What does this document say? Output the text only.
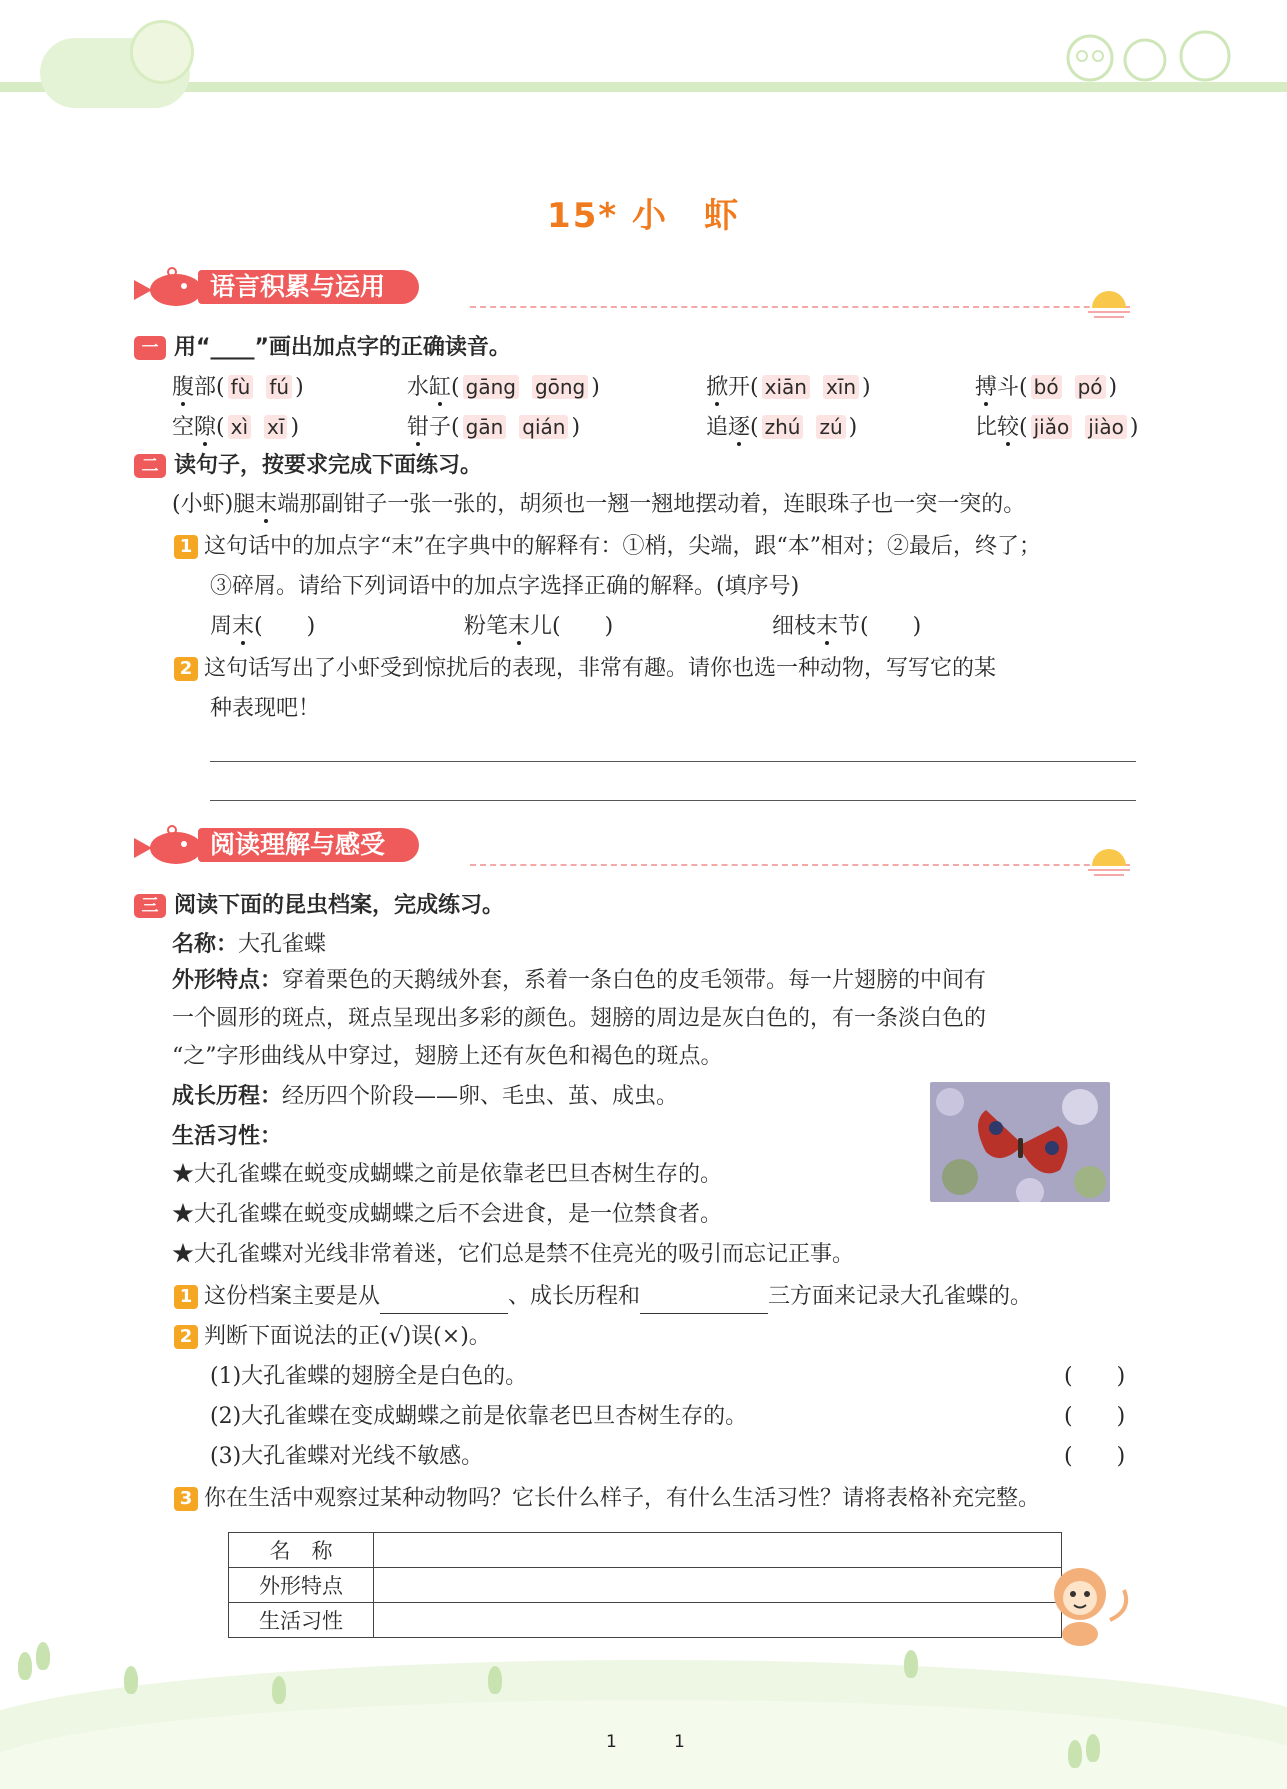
15* 小　虾
语言积累与运用
一 用“____”画出加点字的正确读音。
腹部( fù fú )	水缸( gāng gōng )	掀开( xiān xīn )	搏斗( bó pó )
空隙( xì xī )	钳子( gān qián )	追逐( zhú zú )	比较( jiǎo jiào )
二 读句子，按要求完成下面练习。
(小虾)腿末端那副钳子一张一张的，胡须也一翘一翘地摆动着，连眼珠子也一突一突的。
1 这句话中的加点字“末”在字典中的解释有：①梢，尖端，跟“本”相对；②最后，终了；
③碎屑。请给下列词语中的加点字选择正确的解释。(填序号)
周末(　　)	粉笔末儿(　　)	细枝末节(　　)
2 这句话写出了小虾受到惊扰后的表现，非常有趣。请你也选一种动物，写写它的某
种表现吧！
阅读理解与感受
三 阅读下面的昆虫档案，完成练习。
名称：大孔雀蝶
外形特点：穿着栗色的天鹅绒外套，系着一条白色的皮毛领带。每一片翅膀的中间有
一个圆形的斑点，斑点呈现出多彩的颜色。翅膀的周边是灰白色的，有一条淡白色的
“之”字形曲线从中穿过，翅膀上还有灰色和褐色的斑点。
成长历程：经历四个阶段——卵、毛虫、茧、成虫。
生活习性：
★大孔雀蝶在蜕变成蝴蝶之前是依靠老巴旦杏树生存的。
★大孔雀蝶在蜕变成蝴蝶之后不会进食，是一位禁食者。
★大孔雀蝶对光线非常着迷，它们总是禁不住亮光的吸引而忘记正事。
1 这份档案主要是从	、成长历程和	三方面来记录大孔雀蝶的。
2 判断下面说法的正(√)误(×)。
(1)大孔雀蝶的翅膀全是白色的。	(　　)
(2)大孔雀蝶在变成蝴蝶之前是依靠老巴旦杏树生存的。	(　　)
(3)大孔雀蝶对光线不敏感。	(　　)
3 你在生活中观察过某种动物吗？它长什么样子，有什么生活习性？请将表格补充完整。
名　称	
外形特点	
生活习性	
1	1
